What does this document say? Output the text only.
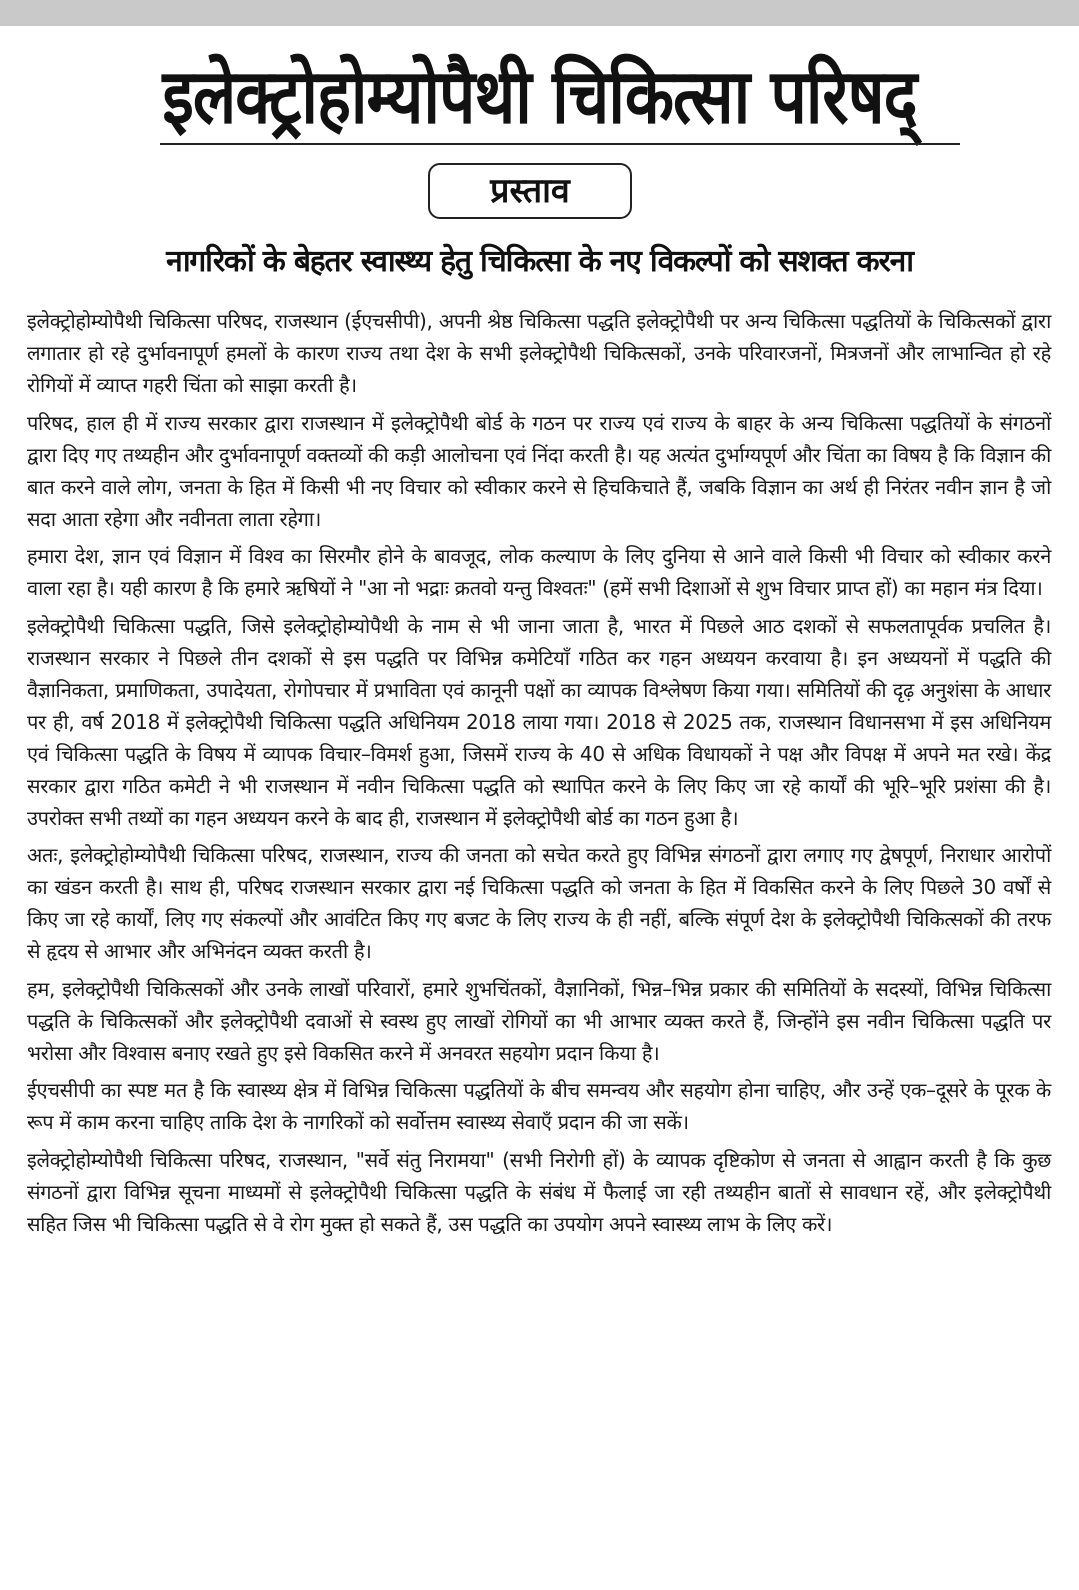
इलेक्ट्रोहोम्योपैथी चिकित्सा परिषद्
प्रस्ताव
नागरिकों के बेहतर स्वास्थ्य हेतु चिकित्सा के नए विकल्पों को सशक्त करना

इलेक्ट्रोहोम्योपैथी चिकित्सा परिषद, राजस्थान (ईएचसीपी), अपनी श्रेष्ठ चिकित्सा पद्धति इलेक्ट्रोपैथी पर अन्य चिकित्सा पद्धतियों के चिकित्सकों द्वारा लगातार हो रहे दुर्भावनापूर्ण हमलों के कारण राज्य तथा देश के सभी इलेक्ट्रोपैथी चिकित्सकों, उनके परिवारजनों, मित्रजनों और लाभान्वित हो रहे रोगियों में व्याप्त गहरी चिंता को साझा करती है।

परिषद, हाल ही में राज्य सरकार द्वारा राजस्थान में इलेक्ट्रोपैथी बोर्ड के गठन पर राज्य एवं राज्य के बाहर के अन्य चिकित्सा पद्धतियों के संगठनों द्वारा दिए गए तथ्यहीन और दुर्भावनापूर्ण वक्तव्यों की कड़ी आलोचना एवं निंदा करती है। यह अत्यंत दुर्भाग्यपूर्ण और चिंता का विषय है कि विज्ञान की बात करने वाले लोग, जनता के हित में किसी भी नए विचार को स्वीकार करने से हिचकिचाते हैं, जबकि विज्ञान का अर्थ ही निरंतर नवीन ज्ञान है जो सदा आता रहेगा और नवीनता लाता रहेगा।

हमारा देश, ज्ञान एवं विज्ञान में विश्व का सिरमौर होने के बावजूद, लोक कल्याण के लिए दुनिया से आने वाले किसी भी विचार को स्वीकार करने वाला रहा है। यही कारण है कि हमारे ऋषियों ने "आ नो भद्राः क्रतवो यन्तु विश्वतः" (हमें सभी दिशाओं से शुभ विचार प्राप्त हों) का महान मंत्र दिया।

इलेक्ट्रोपैथी चिकित्सा पद्धति, जिसे इलेक्ट्रोहोम्योपैथी के नाम से भी जाना जाता है, भारत में पिछले आठ दशकों से सफलतापूर्वक प्रचलित है। राजस्थान सरकार ने पिछले तीन दशकों से इस पद्धति पर विभिन्न कमेटियाँ गठित कर गहन अध्ययन करवाया है। इन अध्ययनों में पद्धति की वैज्ञानिकता, प्रमाणिकता, उपादेयता, रोगोपचार में प्रभाविता एवं कानूनी पक्षों का व्यापक विश्लेषण किया गया। समितियों की दृढ़ अनुशंसा के आधार पर ही, वर्ष 2018 में इलेक्ट्रोपैथी चिकित्सा पद्धति अधिनियम 2018 लाया गया। 2018 से 2025 तक, राजस्थान विधानसभा में इस अधिनियम एवं चिकित्सा पद्धति के विषय में व्यापक विचार–विमर्श हुआ, जिसमें राज्य के 40 से अधिक विधायकों ने पक्ष और विपक्ष में अपने मत रखे। केंद्र सरकार द्वारा गठित कमेटी ने भी राजस्थान में नवीन चिकित्सा पद्धति को स्थापित करने के लिए किए जा रहे कार्यों की भूरि–भूरि प्रशंसा की है। उपरोक्त सभी तथ्यों का गहन अध्ययन करने के बाद ही, राजस्थान में इलेक्ट्रोपैथी बोर्ड का गठन हुआ है।

अतः, इलेक्ट्रोहोम्योपैथी चिकित्सा परिषद, राजस्थान, राज्य की जनता को सचेत करते हुए विभिन्न संगठनों द्वारा लगाए गए द्वेषपूर्ण, निराधार आरोपों का खंडन करती है। साथ ही, परिषद राजस्थान सरकार द्वारा नई चिकित्सा पद्धति को जनता के हित में विकसित करने के लिए पिछले 30 वर्षों से किए जा रहे कार्यों, लिए गए संकल्पों और आवंटित किए गए बजट के लिए राज्य के ही नहीं, बल्कि संपूर्ण देश के इलेक्ट्रोपैथी चिकित्सकों की तरफ से हृदय से आभार और अभिनंदन व्यक्त करती है।

हम, इलेक्ट्रोपैथी चिकित्सकों और उनके लाखों परिवारों, हमारे शुभचिंतकों, वैज्ञानिकों, भिन्न–भिन्न प्रकार की समितियों के सदस्यों, विभिन्न चिकित्सा पद्धति के चिकित्सकों और इलेक्ट्रोपैथी दवाओं से स्वस्थ हुए लाखों रोगियों का भी आभार व्यक्त करते हैं, जिन्होंने इस नवीन चिकित्सा पद्धति पर भरोसा और विश्वास बनाए रखते हुए इसे विकसित करने में अनवरत सहयोग प्रदान किया है।

ईएचसीपी का स्पष्ट मत है कि स्वास्थ्य क्षेत्र में विभिन्न चिकित्सा पद्धतियों के बीच समन्वय और सहयोग होना चाहिए, और उन्हें एक–दूसरे के पूरक के रूप में काम करना चाहिए ताकि देश के नागरिकों को सर्वोत्तम स्वास्थ्य सेवाएँ प्रदान की जा सकें।

इलेक्ट्रोहोम्योपैथी चिकित्सा परिषद, राजस्थान, "सर्वे संतु निरामया" (सभी निरोगी हों) के व्यापक दृष्टिकोण से जनता से आह्वान करती है कि कुछ संगठनों द्वारा विभिन्न सूचना माध्यमों से इलेक्ट्रोपैथी चिकित्सा पद्धति के संबंध में फैलाई जा रही तथ्यहीन बातों से सावधान रहें, और इलेक्ट्रोपैथी सहित जिस भी चिकित्सा पद्धति से वे रोग मुक्त हो सकते हैं, उस पद्धति का उपयोग अपने स्वास्थ्य लाभ के लिए करें।
